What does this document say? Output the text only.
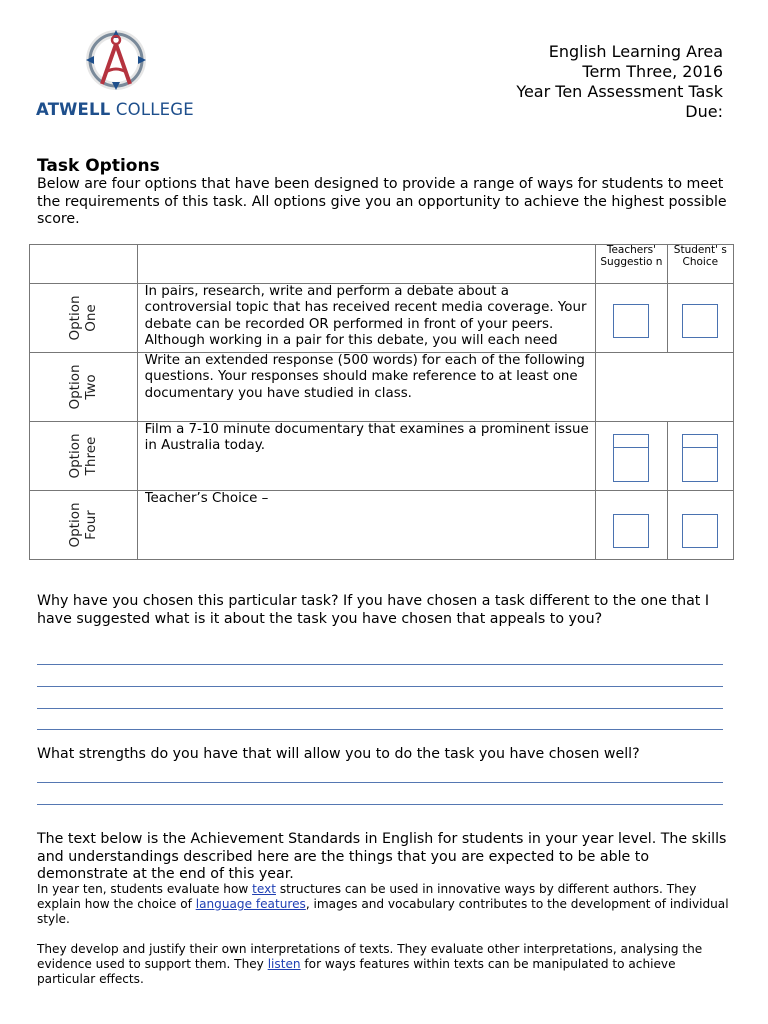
ATWELL COLLEGE
English Learning Area
Term Three, 2016
Year Ten Assessment Task
Due:
Task Options
Below are four options that have been designed to provide a range of ways for students to meet the requirements of this task. All options give you an opportunity to achieve the highest possible score.
		Teachers' Suggestio n	Student' s Choice

Option
One	In pairs, research, write and perform a debate about a controversial topic that has received recent media coverage. Your debate can be recorded OR performed in front of your peers. Although working in a pair for this debate, you will each need		

Option
Two	Write an extended response (500 words) for each of the following questions. Your responses should make reference to at least one documentary you have studied in class.		

Option
Three	Film a 7-10 minute documentary that examines a prominent issue in Australia today.		

Option
Four	Teacher’s Choice –		

Why have you chosen this particular task? If you have chosen a task different to the one that I have suggested what is it about the task you have chosen that appeals to you?
What strengths do you have that will allow you to do the task you have chosen well?
The text below is the Achievement Standards in English for students in your year level. The skills and understandings described here are the things that you are expected to be able to demonstrate at the end of this year.
In year ten, students evaluate how text structures can be used in innovative ways by different authors. They explain how the choice of language features, images and vocabulary contributes to the development of individual style.
They develop and justify their own interpretations of texts. They evaluate other interpretations, analysing the evidence used to support them. They listen for ways features within texts can be manipulated to achieve particular effects.
